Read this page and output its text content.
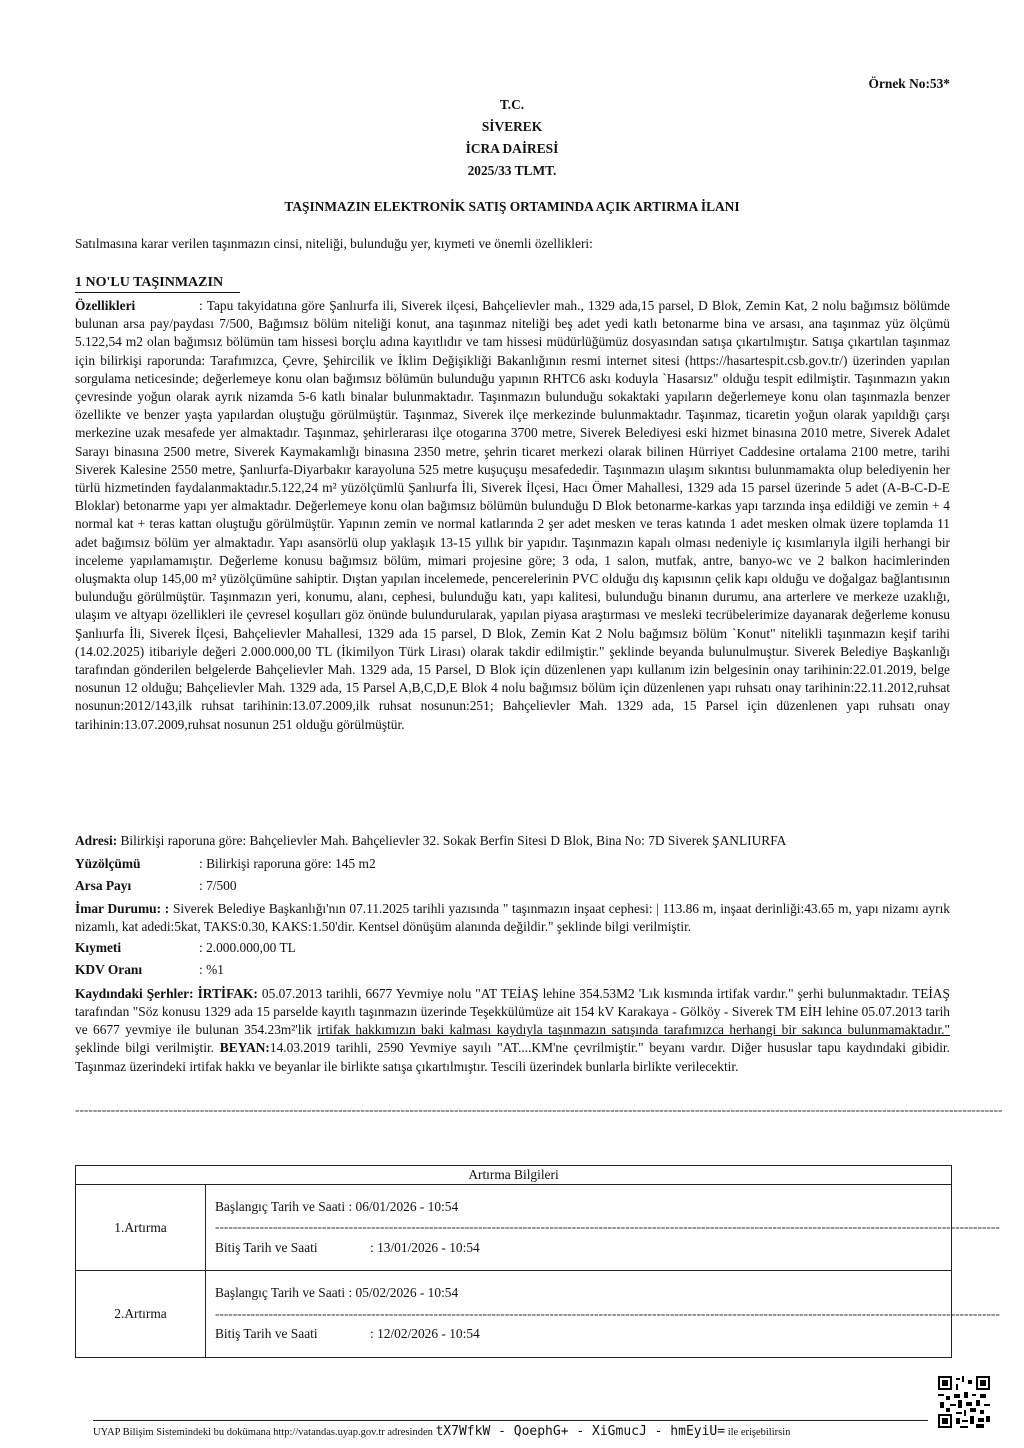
Örnek No:53*
T.C.
SİVEREK
İCRA DAİRESİ
2025/33 TLMT.
TAŞINMAZIN ELEKTRONİK SATIŞ ORTAMINDA AÇIK ARTIRMA İLANI
Satılmasına karar verilen taşınmazın cinsi, niteliği, bulunduğu yer, kıymeti ve önemli özellikleri:
1 NO'LU TAŞINMAZIN
Özellikleri	: Tapu takyidatına göre Şanlıurfa ili, Siverek ilçesi, Bahçelievler mah., 1329 ada,15 parsel, D Blok, Zemin Kat, 2 nolu bağımsız bölümde bulunan arsa pay/paydası 7/500, Bağımsız bölüm niteliği konut, ana taşınmaz niteliği beş adet yedi katlı betonarme bina ve arsası, ana taşınmaz yüz ölçümü 5.122,54 m2 olan bağımsız bölümün tam hissesi borçlu adına kayıtlıdır ve tam hissesi müdürlüğümüz dosyasından satışa çıkartılmıştır. Satışa çıkartılan taşınmaz için bilirkişi raporunda: Tarafımızca, Çevre, Şehircilik ve İklim Değişikliği Bakanlığının resmi internet sitesi (https://hasartespit.csb.gov.tr/) üzerinden yapılan sorgulama neticesinde; değerlemeye konu olan bağımsız bölümün bulunduğu yapının RHTC6 askı koduyla `Hasarsız" olduğu tespit edilmiştir. Taşınmazın yakın çevresinde yoğun olarak ayrık nizamda 5-6 katlı binalar bulunmaktadır. Taşınmazın bulunduğu sokaktaki yapıların değerlemeye konu olan taşınmazla benzer özellikte ve benzer yaşta yapılardan oluştuğu görülmüştür. Taşınmaz, Siverek ilçe merkezinde bulunmaktadır. Taşınmaz, ticaretin yoğun olarak yapıldığı çarşı merkezine uzak mesafede yer almaktadır. Taşınmaz, şehirlerarası ilçe otogarına 3700 metre, Siverek Belediyesi eski hizmet binasına 2010 metre, Siverek Adalet Sarayı binasına 2500 metre, Siverek Kaymakamlığı binasına 2350 metre, şehrin ticaret merkezi olarak bilinen Hürriyet Caddesine ortalama 2100 metre, tarihi Siverek Kalesine 2550 metre, Şanlıurfa-Diyarbakır karayoluna 525 metre kuşuçuşu mesafededir. Taşınmazın ulaşım sıkıntısı bulunmamakta olup belediyenin her türlü hizmetinden faydalanmaktadır.5.122,24 m² yüzölçümlü Şanlıurfa İli, Siverek İlçesi, Hacı Ömer Mahallesi, 1329 ada 15 parsel üzerinde 5 adet (A-B-C-D-E Bloklar) betonarme yapı yer almaktadır. Değerlemeye konu olan bağımsız bölümün bulunduğu D Blok betonarme-karkas yapı tarzında inşa edildiği ve zemin + 4 normal kat + teras kattan oluştuğu görülmüştür. Yapının zemin ve normal katlarında 2 şer adet mesken ve teras katında 1 adet mesken olmak üzere toplamda 11 adet bağımsız bölüm yer almaktadır. Yapı asansörlü olup yaklaşık 13-15 yıllık bir yapıdır. Taşınmazın kapalı olması nedeniyle iç kısımlarıyla ilgili herhangi bir inceleme yapılamamıştır. Değerleme konusu bağımsız bölüm, mimari projesine göre; 3 oda, 1 salon, mutfak, antre, banyo-wc ve 2 balkon hacimlerinden oluşmakta olup 145,00 m² yüzölçümüne sahiptir. Dıştan yapılan incelemede, pencerelerinin PVC olduğu dış kapısının çelik kapı olduğu ve doğalgaz bağlantısının bulunduğu görülmüştür. Taşınmazın yeri, konumu, alanı, cephesi, bulunduğu katı, yapı kalitesi, bulunduğu binanın durumu, ana arterlere ve merkeze uzaklığı, ulaşım ve altyapı özellikleri ile çevresel koşulları göz önünde bulundurularak, yapılan piyasa araştırması ve mesleki tecrübelerimize dayanarak değerleme konusu Şanlıurfa İli, Siverek İlçesi, Bahçelievler Mahallesi, 1329 ada 15 parsel, D Blok, Zemin Kat 2 Nolu bağımsız bölüm `Konut" nitelikli taşınmazın keşif tarihi (14.02.2025) itibariyle değeri 2.000.000,00 TL (İkimilyon Türk Lirası) olarak takdir edilmiştir." şeklinde beyanda bulunulmuştur. Siverek Belediye Başkanlığı tarafından gönderilen belgelerde Bahçelievler Mah. 1329 ada, 15 Parsel, D Blok için düzenlenen yapı kullanım izin belgesinin onay tarihinin:22.01.2019, belge nosunun 12 olduğu; Bahçelievler Mah. 1329 ada, 15 Parsel A,B,C,D,E Blok 4 nolu bağımsız bölüm için düzenlenen yapı ruhsatı onay tarihinin:22.11.2012,ruhsat nosunun:2012/143,ilk ruhsat tarihinin:13.07.2009,ilk ruhsat nosunun:251; Bahçelievler Mah. 1329 ada, 15 Parsel için düzenlenen yapı ruhsatı onay tarihinin:13.07.2009,ruhsat nosunun 251 olduğu görülmüştür.
Adresi: Bilirkişi raporuna göre: Bahçelievler Mah. Bahçelievler 32. Sokak Berfin Sitesi D Blok, Bina No: 7D Siverek ŞANLIURFA
Yüzölçümü	: Bilirkişi raporuna göre: 145 m2
Arsa Payı	: 7/500
İmar Durumu: : Siverek Belediye Başkanlığı'nın 07.11.2025 tarihli yazısında " taşınmazın inşaat cephesi: | 113.86 m, inşaat derinliği:43.65 m, yapı nizamı ayrık nizamlı, kat adedi:5kat, TAKS:0.30, KAKS:1.50'dir. Kentsel dönüşüm alanında değildir." şeklinde bilgi verilmiştir.
Kıymeti	: 2.000.000,00 TL
KDV Oranı	: %1
Kaydındaki Şerhler: İRTİFAK: 05.07.2013 tarihli, 6677 Yevmiye nolu "AT TEİAŞ lehine 354.53M2 'Lık kısmında irtifak vardır." şerhi bulunmaktadır. TEİAŞ tarafından "Söz konusu 1329 ada 15 parselde kayıtlı taşınmazın üzerinde Teşekkülümüze ait 154 kV Karakaya - Gölköy - Siverek TM EİH lehine 05.07.2013 tarih ve 6677 yevmiye ile bulunan 354.23m²'lik irtifak hakkımızın baki kalması kaydıyla taşınmazın satışında tarafımızca herhangi bir sakınca bulunmamaktadır." şeklinde bilgi verilmiştir. BEYAN:14.03.2019 tarihli, 2590 Yevmiye sayılı "AT....KM'ne çevrilmiştir." beyanı vardır. Diğer hususlar tapu kaydındaki gibidir. Taşınmaz üzerindeki irtifak hakkı ve beyanlar ile birlikte satışa çıkartılmıştır. Tescili üzerindek bunlarla birlikte verilecektir.
----------------------------------------------------------------------------------------------------------------------------------------------------------------------------------------------------------------
Artırma Bilgileri	
1.Artırma	Başlangıç Tarih ve Saati : 06/01/2026 - 10:54
--------------------------------------------------------------------------------------------------------------------------------------------------------------------------------
Bitiş Tarih ve Saati : 13/01/2026 - 10:54

2.Artırma	Başlangıç Tarih ve Saati : 05/02/2026 - 10:54
--------------------------------------------------------------------------------------------------------------------------------------------------------------------------------
Bitiş Tarih ve Saati : 12/02/2026 - 10:54
UYAP Bilişim Sistemindeki bu dokümana http://vatandas.uyap.gov.tr adresinden tX7WfkW - QoephG+ - XiGmucJ - hmEyiU= ile erişebilirsin
